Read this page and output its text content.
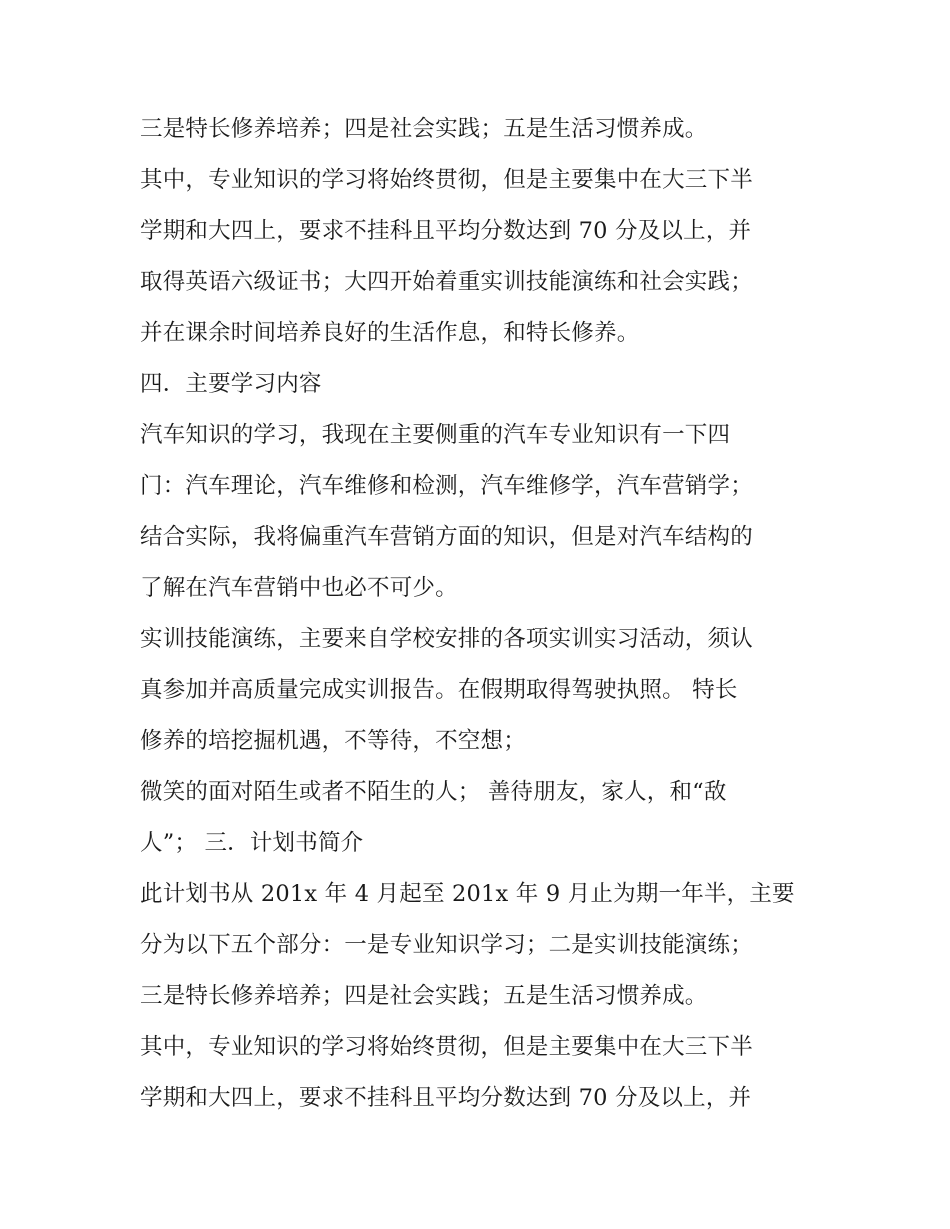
三是特长修养培养；四是社会实践；五是生活习惯养成。

其中，专业知识的学习将始终贯彻，但是主要集中在大三下半

学期和大四上，要求不挂科且平均分数达到 70 分及以上，并

取得英语六级证书；大四开始着重实训技能演练和社会实践；

并在课余时间培养良好的生活作息，和特长修养。

四．主要学习内容

汽车知识的学习，我现在主要侧重的汽车专业知识有一下四

门：汽车理论，汽车维修和检测，汽车维修学，汽车营销学；

结合实际，我将偏重汽车营销方面的知识，但是对汽车结构的

了解在汽车营销中也必不可少。

实训技能演练，主要来自学校安排的各项实训实习活动，须认

真参加并高质量完成实训报告。在假期取得驾驶执照。 特长

修养的培挖掘机遇，不等待，不空想；

微笑的面对陌生或者不陌生的人； 善待朋友，家人，和“敌

人”； 三．计划书简介

此计划书从 201x 年 4 月起至 201x 年 9 月止为期一年半，主要

分为以下五个部分：一是专业知识学习；二是实训技能演练；

三是特长修养培养；四是社会实践；五是生活习惯养成。

其中，专业知识的学习将始终贯彻，但是主要集中在大三下半

学期和大四上，要求不挂科且平均分数达到 70 分及以上，并
